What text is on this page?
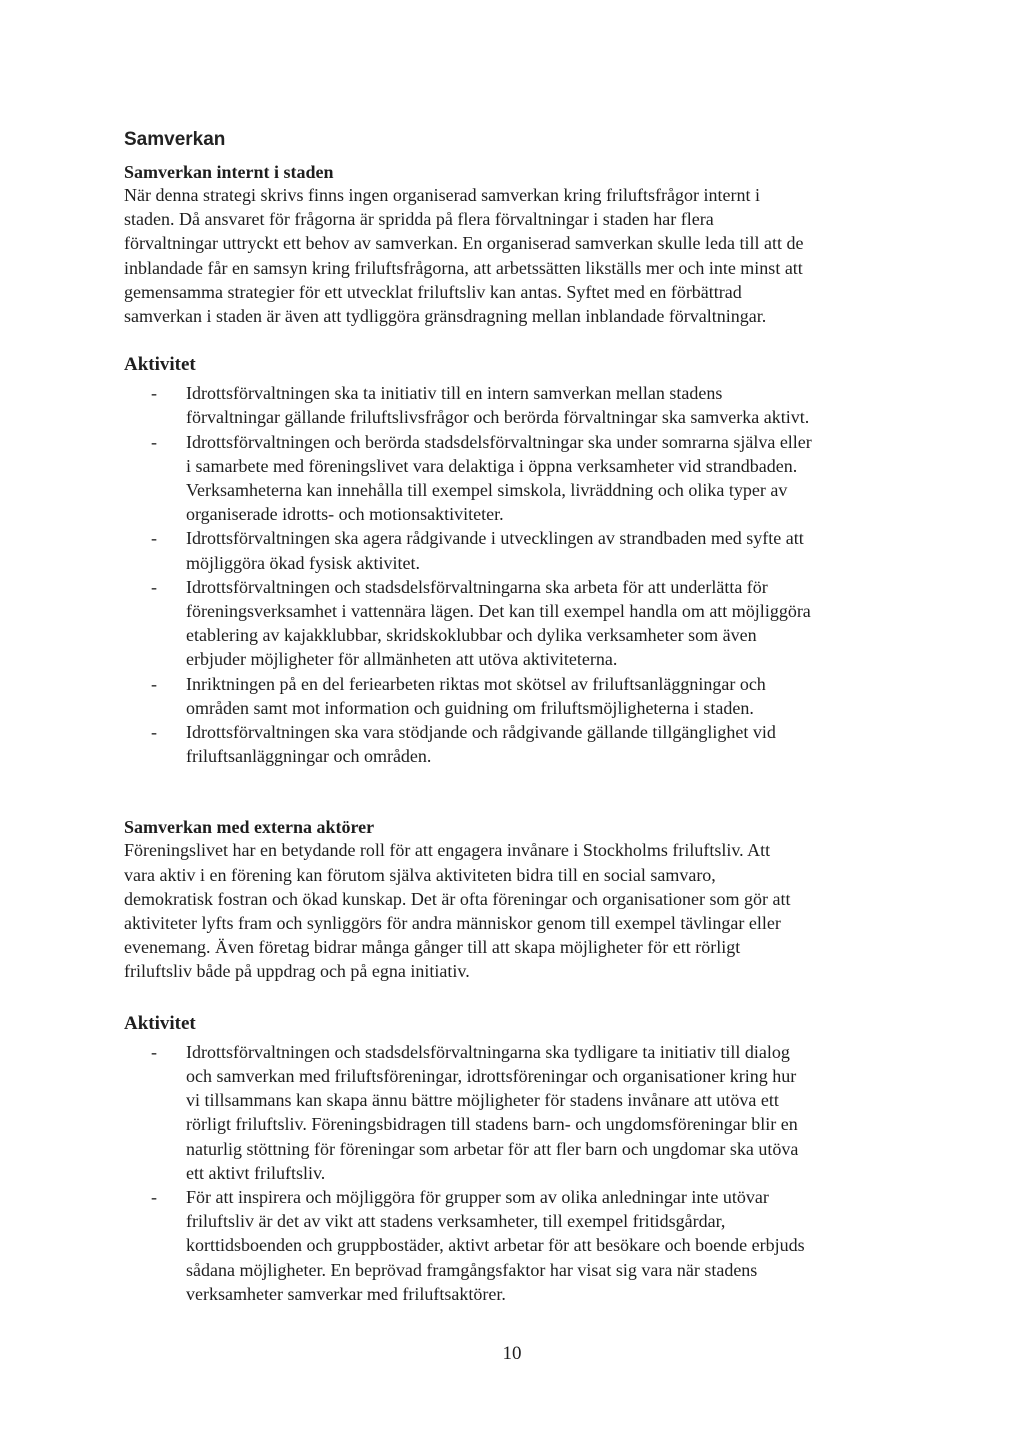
Samverkan
Samverkan internt i staden

När denna strategi skrivs finns ingen organiserad samverkan kring friluftsfrågor internt i
staden. Då ansvaret för frågorna är spridda på flera förvaltningar i staden har flera
förvaltningar uttryckt ett behov av samverkan. En organiserad samverkan skulle leda till att de
inblandade får en samsyn kring friluftsfrågorna, att arbetssätten likställs mer och inte minst att
gemensamma strategier för ett utvecklat friluftsliv kan antas. Syftet med en förbättrad
samverkan i staden är även att tydliggöra gränsdragning mellan inblandade förvaltningar.

Aktivitet
- Idrottsförvaltningen ska ta initiativ till en intern samverkan mellan stadens
förvaltningar gällande friluftslivsfrågor och berörda förvaltningar ska samverka aktivt.
- Idrottsförvaltningen och berörda stadsdelsförvaltningar ska under somrarna själva eller
i samarbete med föreningslivet vara delaktiga i öppna verksamheter vid strandbaden.
Verksamheterna kan innehålla till exempel simskola, livräddning och olika typer av
organiserade idrotts- och motionsaktiviteter.
- Idrottsförvaltningen ska agera rådgivande i utvecklingen av strandbaden med syfte att
möjliggöra ökad fysisk aktivitet.
- Idrottsförvaltningen och stadsdelsförvaltningarna ska arbeta för att underlätta för
föreningsverksamhet i vattennära lägen. Det kan till exempel handla om att möjliggöra
etablering av kajakklubbar, skridskoklubbar och dylika verksamheter som även
erbjuder möjligheter för allmänheten att utöva aktiviteterna.
- Inriktningen på en del feriearbeten riktas mot skötsel av friluftsanläggningar och
områden samt mot information och guidning om friluftsmöjligheterna i staden.
- Idrottsförvaltningen ska vara stödjande och rådgivande gällande tillgänglighet vid
friluftsanläggningar och områden.
Samverkan med externa aktörer

Föreningslivet har en betydande roll för att engagera invånare i Stockholms friluftsliv. Att
vara aktiv i en förening kan förutom själva aktiviteten bidra till en social samvaro,
demokratisk fostran och ökad kunskap. Det är ofta föreningar och organisationer som gör att
aktiviteter lyfts fram och synliggörs för andra människor genom till exempel tävlingar eller
evenemang. Även företag bidrar många gånger till att skapa möjligheter för ett rörligt
friluftsliv både på uppdrag och på egna initiativ.

Aktivitet
- Idrottsförvaltningen och stadsdelsförvaltningarna ska tydligare ta initiativ till dialog
och samverkan med friluftsföreningar, idrottsföreningar och organisationer kring hur
vi tillsammans kan skapa ännu bättre möjligheter för stadens invånare att utöva ett
rörligt friluftsliv. Föreningsbidragen till stadens barn- och ungdomsföreningar blir en
naturlig stöttning för föreningar som arbetar för att fler barn och ungdomar ska utöva
ett aktivt friluftsliv.
- För att inspirera och möjliggöra för grupper som av olika anledningar inte utövar
friluftsliv är det av vikt att stadens verksamheter, till exempel fritidsgårdar,
korttidsboenden och gruppbostäder, aktivt arbetar för att besökare och boende erbjuds
sådana möjligheter. En beprövad framgångsfaktor har visat sig vara när stadens
verksamheter samverkar med friluftsaktörer.
10
